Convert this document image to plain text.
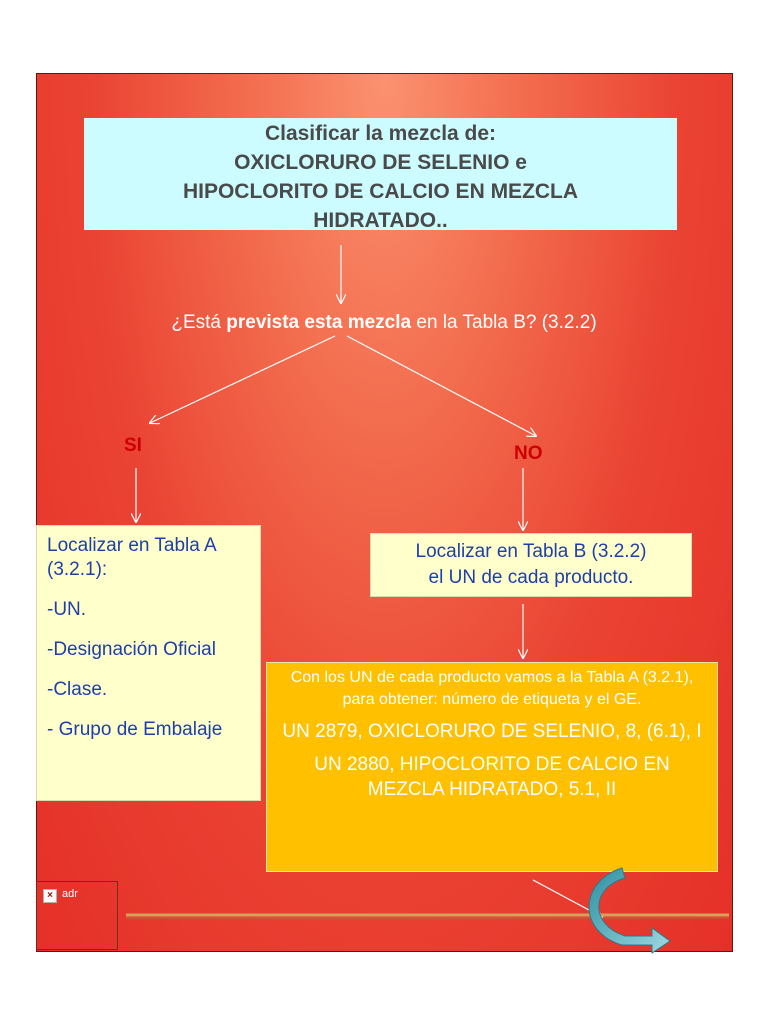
Clasificar la mezcla de:
OXICLORURO DE SELENIO e
HIPOCLORITO DE CALCIO EN MEZCLA
HIDRATADO..
¿Está prevista esta mezcla en la Tabla B? (3.2.2)
SI	NO

Localizar en Tabla A (3.2.1):

-UN.

-Designación Oficial

-Clase.

- Grupo de Embalaje

Localizar en Tabla B (3.2.2)
el UN de cada producto.

Con los UN de cada producto vamos a la Tabla A (3.2.1), para obtener: número de etiqueta y el GE.

UN 2879, OXICLORURO DE SELENIO, 8, (6.1), I

UN 2880, HIPOCLORITO DE CALCIO EN MEZCLA HIDRATADO, 5.1, II

× adr
